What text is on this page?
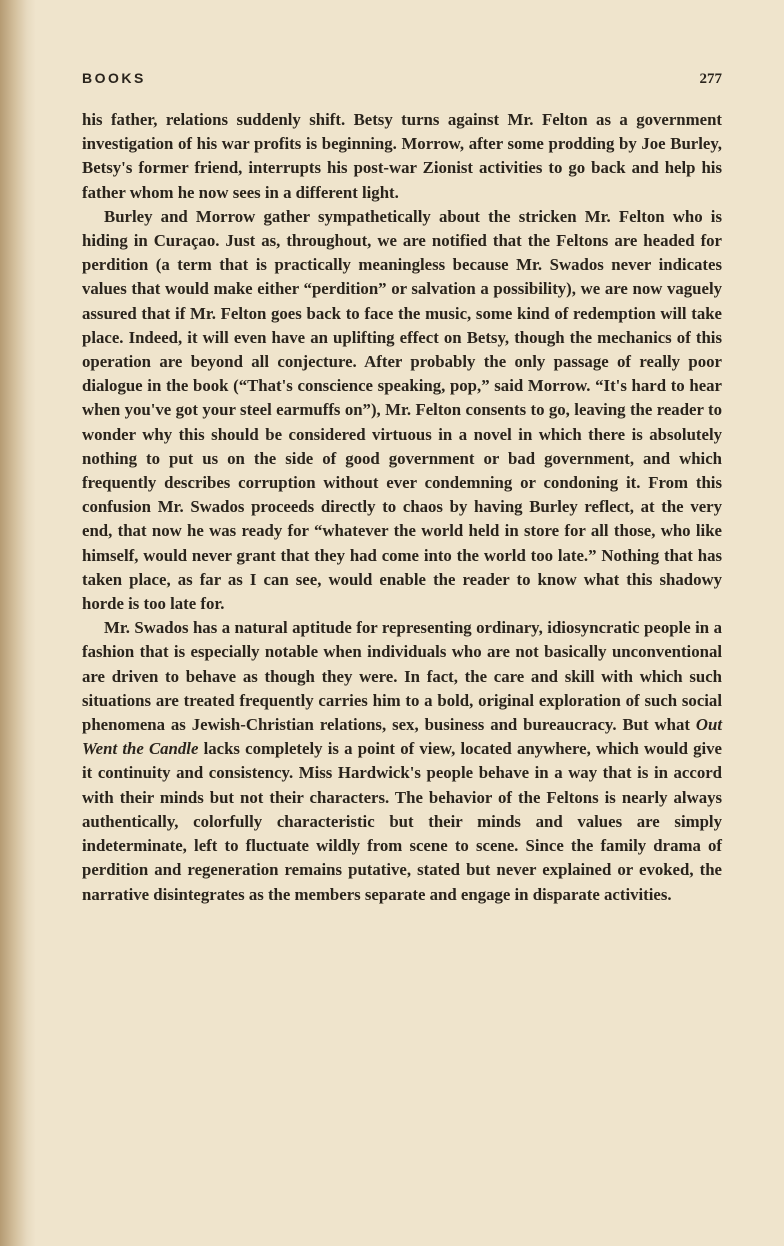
BOOKS	277

his father, relations suddenly shift. Betsy turns against Mr. Felton as a government investigation of his war profits is beginning. Morrow, after some prodding by Joe Burley, Betsy's former friend, interrupts his post-war Zionist activities to go back and help his father whom he now sees in a different light.

Burley and Morrow gather sympathetically about the stricken Mr. Felton who is hiding in Curaçao. Just as, throughout, we are notified that the Feltons are headed for perdition (a term that is practically meaningless because Mr. Swados never indicates values that would make either “perdition” or salvation a possibility), we are now vaguely assured that if Mr. Felton goes back to face the music, some kind of redemption will take place. Indeed, it will even have an uplifting effect on Betsy, though the mechanics of this operation are beyond all conjecture. After probably the only passage of really poor dialogue in the book (“That's conscience speaking, pop,” said Morrow. “It's hard to hear when you've got your steel earmuffs on”), Mr. Felton consents to go, leaving the reader to wonder why this should be considered virtuous in a novel in which there is absolutely nothing to put us on the side of good government or bad government, and which frequently describes corruption without ever condemning or condoning it. From this confusion Mr. Swados proceeds directly to chaos by having Burley reflect, at the very end, that now he was ready for “whatever the world held in store for all those, who like himself, would never grant that they had come into the world too late.” Nothing that has taken place, as far as I can see, would enable the reader to know what this shadowy horde is too late for.

Mr. Swados has a natural aptitude for representing ordinary, idiosyncratic people in a fashion that is especially notable when individuals who are not basically unconventional are driven to behave as though they were. In fact, the care and skill with which such situations are treated frequently carries him to a bold, original exploration of such social phenomena as Jewish-Christian relations, sex, business and bureaucracy. But what Out Went the Candle lacks completely is a point of view, located anywhere, which would give it continuity and consistency. Miss Hardwick's people behave in a way that is in accord with their minds but not their characters. The behavior of the Feltons is nearly always authentically, colorfully characteristic but their minds and values are simply indeterminate, left to fluctuate wildly from scene to scene. Since the family drama of perdition and regeneration remains putative, stated but never explained or evoked, the narrative disintegrates as the members separate and engage in disparate activities.
